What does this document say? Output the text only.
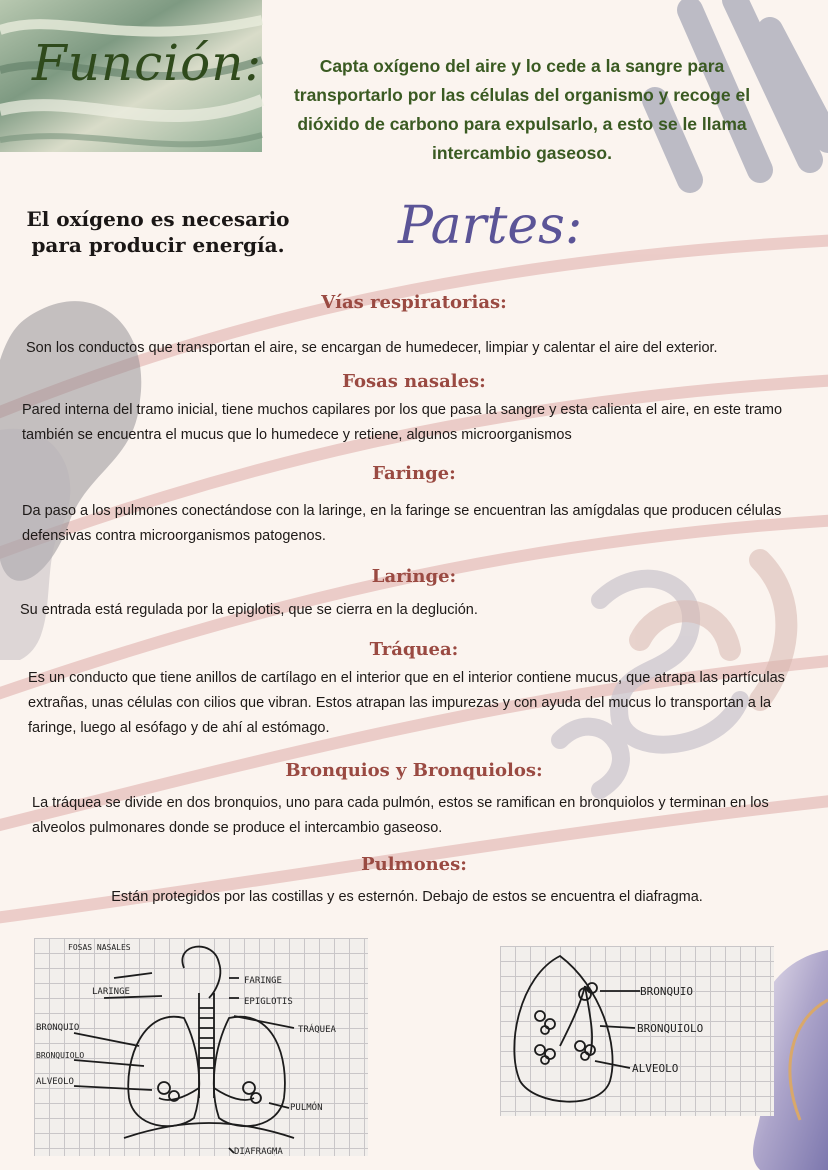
Función:	Capta oxígeno del aire y lo cede a la sangre para transportarlo por las células del organismo y recoge el dióxido de carbono para expulsarlo, a esto se le llama intercambio gaseoso.
El oxígeno es necesario
para producir energía. Partes:
Vías respiratorias:
Son los conductos que transportan el aire, se encargan de humedecer, limpiar y calentar el aire del exterior.
Fosas nasales:
Pared interna del tramo inicial, tiene muchos capilares por los que pasa la sangre y esta calienta el aire, en este tramo también se encuentra el mucus que lo humedece y retiene, algunos microorganismos
Faringe:
Da paso a los pulmones conectándose con la laringe, en la faringe se encuentran las amígdalas que producen células defensivas contra microorganismos patogenos.
Laringe:
Su entrada está regulada por la epiglotis, que se cierra en la deglución.
Tráquea:
Es un conducto que tiene anillos de cartílago en el interior que en el interior contiene mucus, que atrapa las partículas extrañas, unas células con cilios que vibran. Estos atrapan las impurezas y con ayuda del mucus lo transportan a la faringe, luego al esófago y de ahí al estómago.
Bronquios y Bronquiolos:
La tráquea se divide en dos bronquios, uno para cada pulmón, estos se ramifican en bronquiolos y terminan en los alveolos pulmonares donde se produce el intercambio gaseoso.
Pulmones:
Están protegidos por las costillas y es esternón. Debajo de estos se encuentra el diafragma.
FOSAS NASALES
LARINGE
FARINGE
EPIGLOTIS
TRÁQUEA
BRONQUIO
BRONQUIOLO
ALVEOLO
PULMÓN
DIAFRAGMA
BRONQUIO
BRONQUIOLO
ALVEOLO
